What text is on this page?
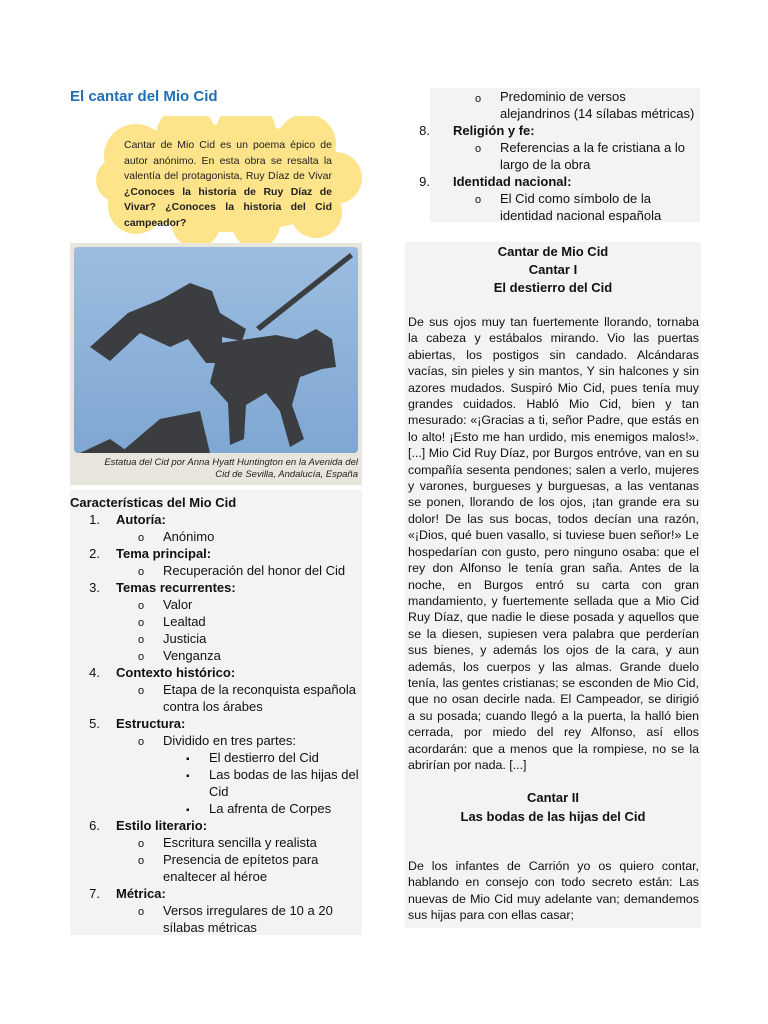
El cantar del Mio Cid
Cantar de Mio Cid es un poema épico de autor anónimo. En esta obra se resalta la valentía del protagonista, Ruy Díaz de Vivar ¿Conoces la historia de Ruy Díaz de Vivar? ¿Conoces la historia del Cid campeador?
Estatua del Cid por Anna Hyatt Huntington en la Avenida del
Cid de Sevilla, Andalucía, España
Características del Mio Cid
1. Autoría:
o Anónimo
2. Tema principal:
o Recuperación del honor del Cid
3. Temas recurrentes:
o Valor
o Lealtad
o Justicia
o Venganza
4. Contexto histórico:
o Etapa de la reconquista española
contra los árabes
5. Estructura:
o Dividido en tres partes:
▪ El destierro del Cid
▪ Las bodas de las hijas del
Cid
▪ La afrenta de Corpes
6. Estilo literario:
o Escritura sencilla y realista
o Presencia de epítetos para
enaltecer al héroe
7. Métrica:
o Versos irregulares de 10 a 20
sílabas métricas
o Predominio de versos
alejandrinos (14 sílabas métricas)
8. Religión y fe:
o Referencias a la fe cristiana a lo
largo de la obra
9. Identidad nacional:
o El Cid como símbolo de la
identidad nacional española
Cantar de Mio Cid
Cantar I
El destierro del Cid
De sus ojos muy tan fuertemente llorando, tornaba la cabeza y estábalos mirando. Vio las puertas abiertas, los postigos sin candado. Alcándaras vacías, sin pieles y sin mantos, Y sin halcones y sin azores mudados. Suspiró Mio Cid, pues tenía muy grandes cuidados. Habló Mio Cid, bien y tan mesurado: «¡Gracias a ti, señor Padre, que estás en lo alto! ¡Esto me han urdido, mis enemigos malos!». [...] Mio Cid Ruy Díaz, por Burgos entróve, van en su compañía sesenta pendones; salen a verlo, mujeres y varones, burgueses y burguesas, a las ventanas se ponen, llorando de los ojos, ¡tan grande era su dolor! De las sus bocas, todos decían una razón, «¡Dios, qué buen vasallo, si tuviese buen señor!» Le hospedarían con gusto, pero ninguno osaba: que el rey don Alfonso le tenía gran saña. Antes de la noche, en Burgos entró su carta con gran mandamiento, y fuertemente sellada que a Mio Cid Ruy Díaz, que nadie le diese posada y aquellos que se la diesen, supiesen vera palabra que perderían sus bienes, y además los ojos de la cara, y aun además, los cuerpos y las almas. Grande duelo tenía, las gentes cristianas; se esconden de Mio Cid, que no osan decirle nada. El Campeador, se dirigió a su posada; cuando llegó a la puerta, la halló bien cerrada, por miedo del rey Alfonso, así ellos acordarán: que a menos que la rompiese, no se la abrirían por nada. [...]
Cantar II
Las bodas de las hijas del Cid
De los infantes de Carrión yo os quiero contar, hablando en consejo con todo secreto están: Las nuevas de Mio Cid muy adelante van; demandemos sus hijas para con ellas casar;
